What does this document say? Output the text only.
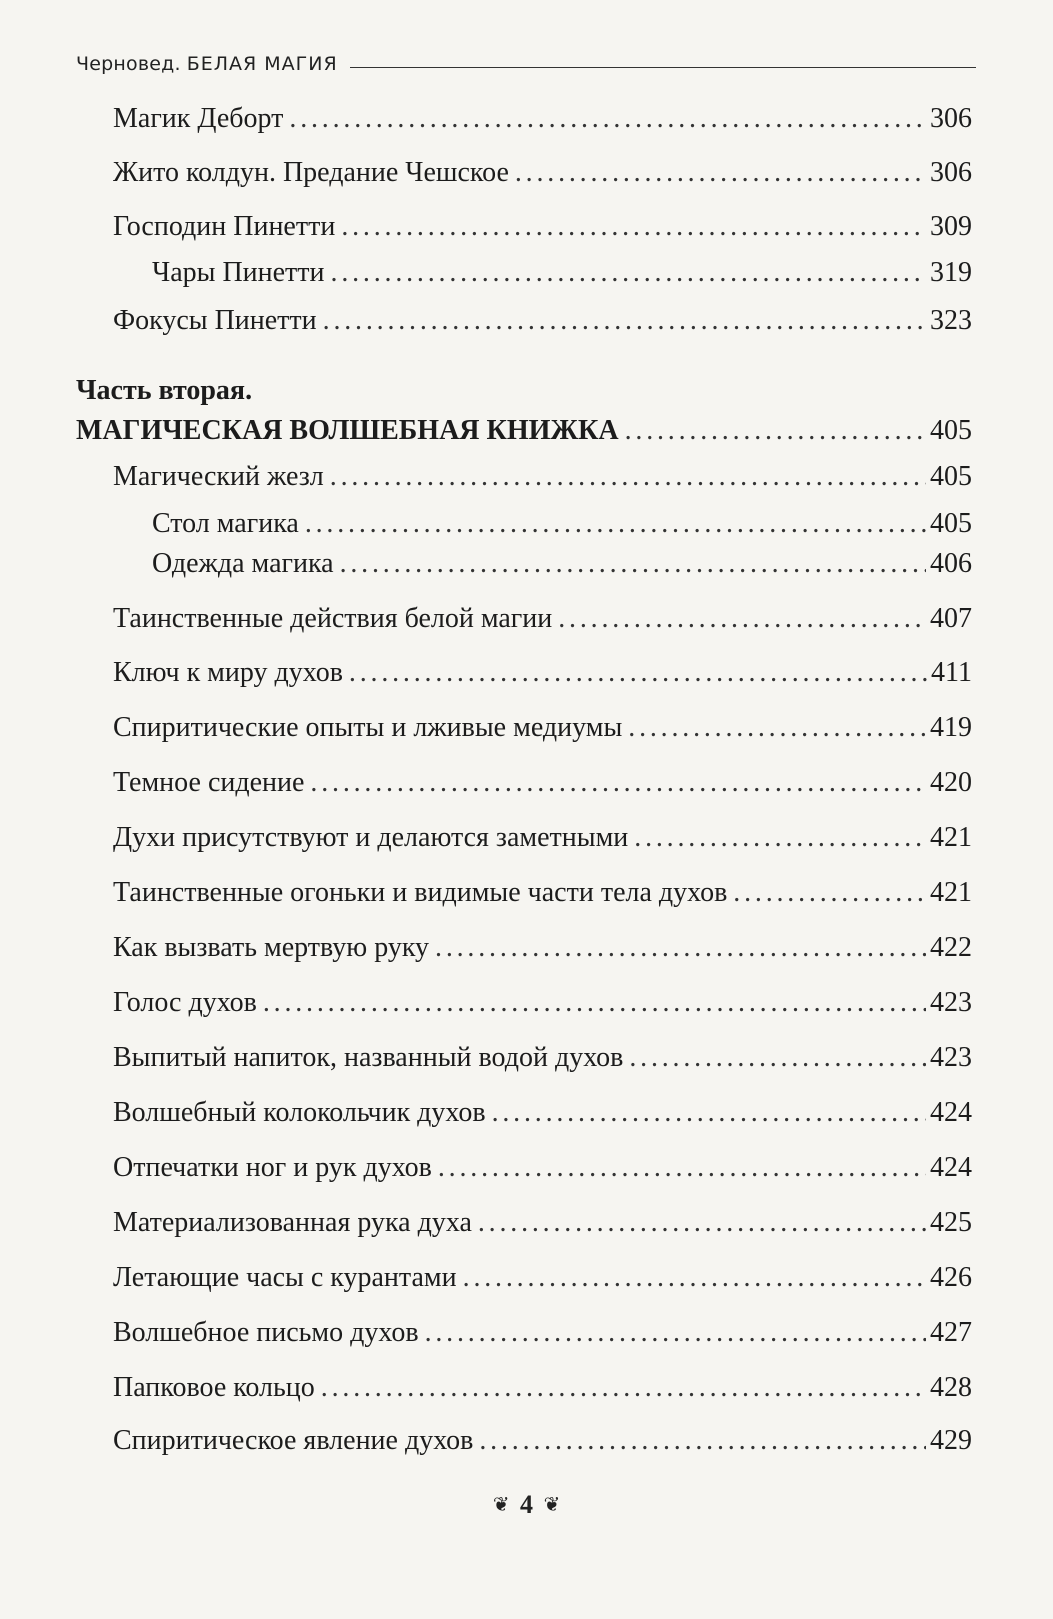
Черновед. БЕЛАЯ МАГИЯ
Магик Деборт . . .	306
Жито колдун. Предание Чешское . . .	306
Господин Пинетти . . .	309
Чары Пинетти . . .	319
Фокусы Пинетти . . .	323
Часть вторая.
МАГИЧЕСКАЯ ВОЛШЕБНАЯ КНИЖКА . . .	405
Магический жезл . . .	405
Стол магика . . .	405
Одежда магика . . .	406
Таинственные действия белой магии . . .	407
Ключ к миру духов . . .	411
Спиритические опыты и лживые медиумы . . .	419
Темное сидение . . .	420
Духи присутствуют и делаются заметными . . .	421
Таинственные огоньки и видимые части тела духов . . .	421
Как вызвать мертвую руку . . .	422
Голос духов . . .	423
Выпитый напиток, названный водой духов . . .	423
Волшебный колокольчик духов . . .	424
Отпечатки ног и рук духов . . .	424
Материализованная рука духа . . .	425
Летающие часы с курантами . . .	426
Волшебное письмо духов . . .	427
Папковое кольцо . . .	428
Спиритическое явление духов . . .	429
❦ 4 ❦
